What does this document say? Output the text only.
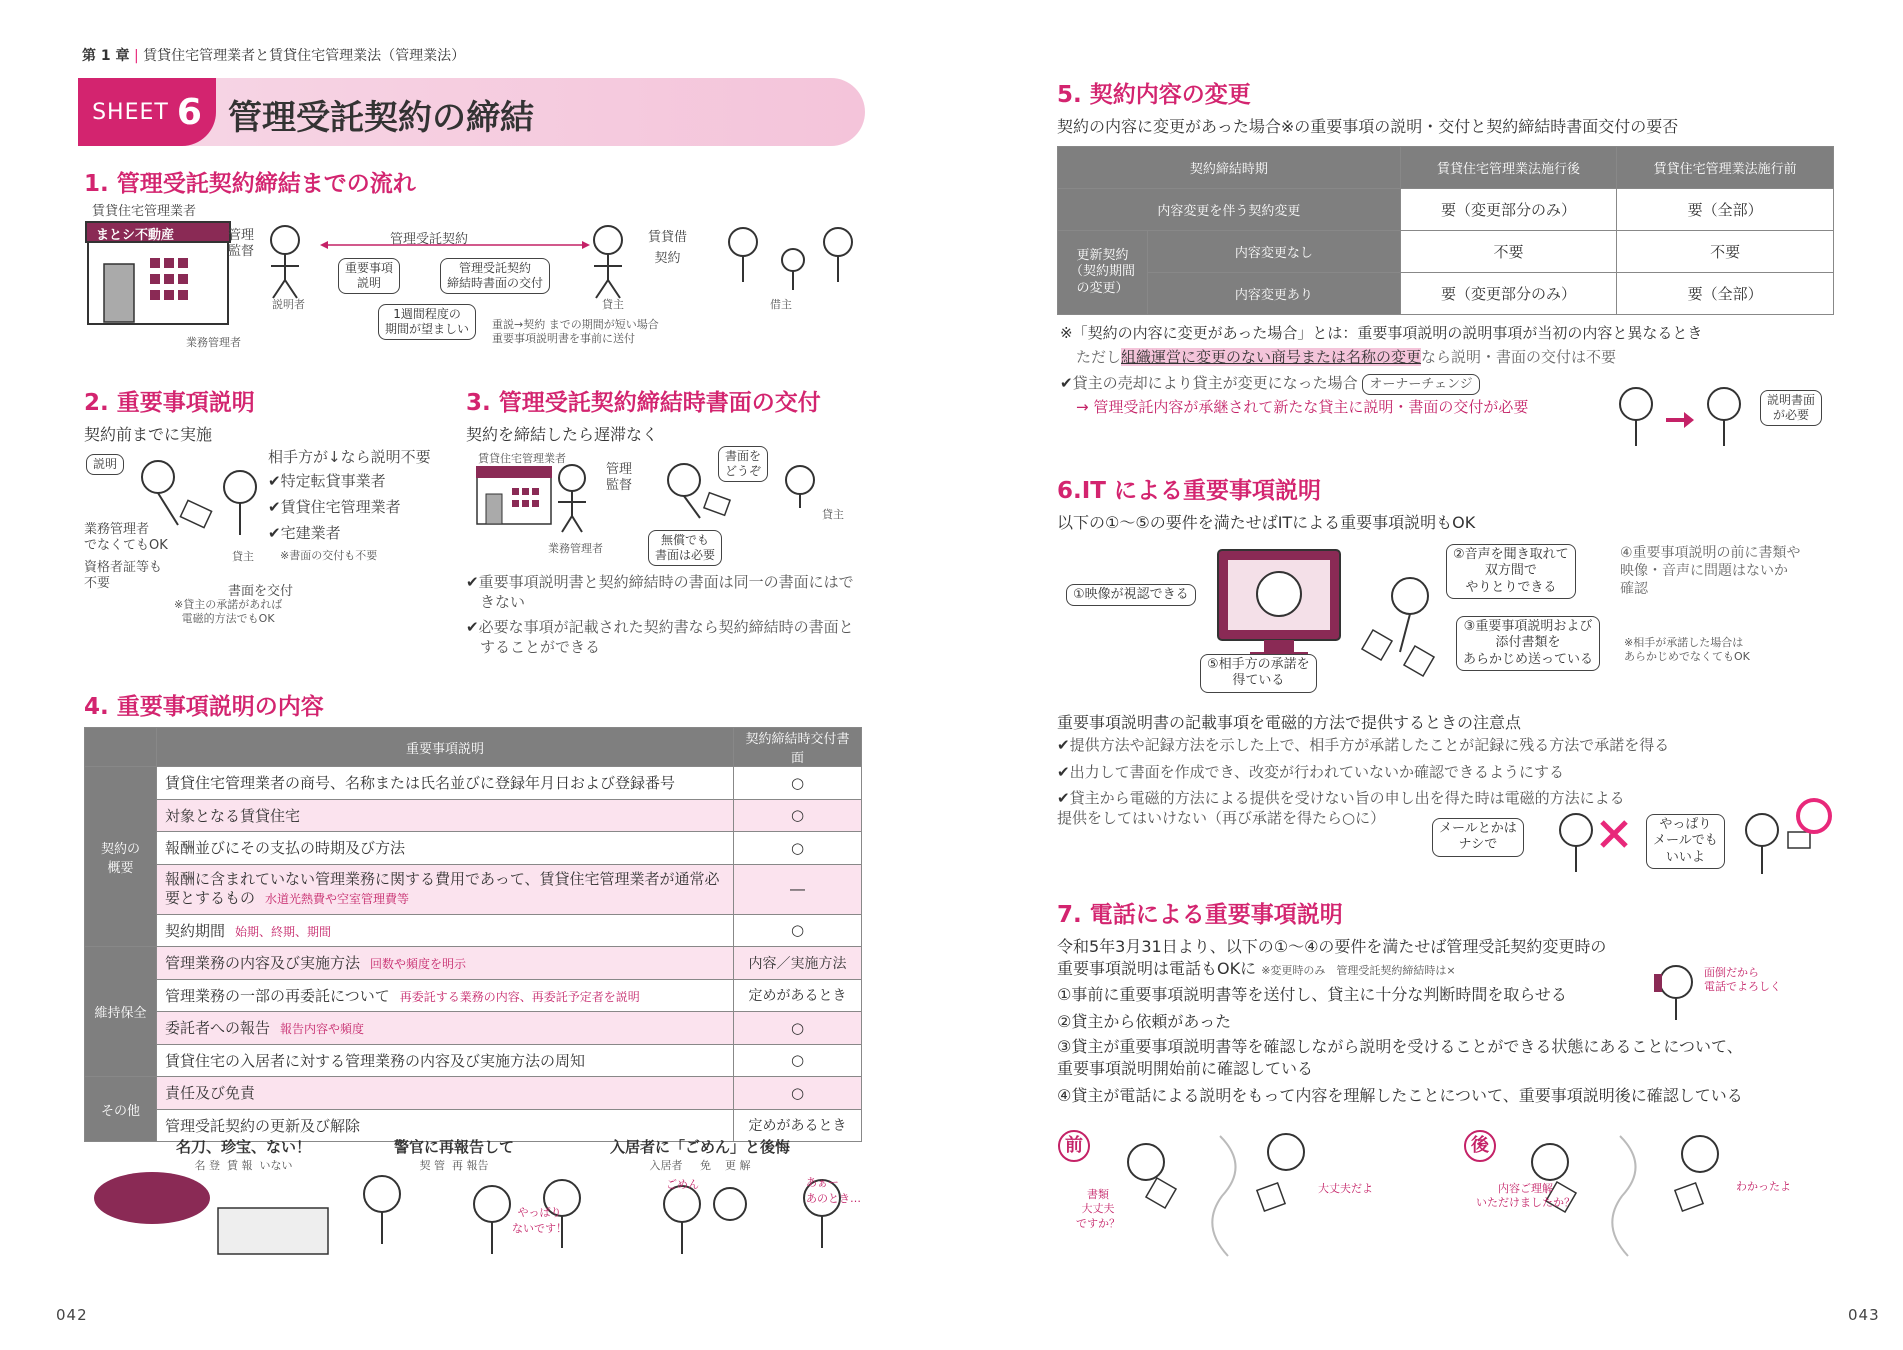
第 1 章 | 賃貸住宅管理業者と賃貸住宅管理業法（管理業法）
SHEET 6 管理受託契約の締結
1. 管理受託契約締結までの流れ
賃貸住宅管理業者
まとシ不動産
業務管理者
管理
監督
説明者
管理受託契約
重要事項
説明
管理受託契約
締結時書面の交付
1週間程度の
期間が望ましい	重説→契約 までの期間が短い場合
重要事項説明書を事前に送付
貸主
賃貸借
契約
借主
2. 重要事項説明
契約前までに実施
説明	相手方が↓なら説明不要
✔特定転貸事業者
✔賃貸住宅管理業者
✔宅建業者
※書面の交付も不要
業務管理者
でなくてもOK
資格者証等も
不要
貸主
書面を交付
※貸主の承諾があれば
電磁的方法でもOK
3. 管理受託契約締結時書面の交付
契約を締結したら遅滞なく
賃貸住宅管理業者
管理
監督
業務管理者
書面を
どうぞ
貸主
無償でも
書面は必要
✔重要事項説明書と契約締結時の書面は同一の書面にはできない
✔必要な事項が記載された契約書なら契約締結時の書面とすることができる
4. 重要事項説明の内容
	重要事項説明	契約締結時交付書面
契約の
概要	賃貸住宅管理業者の商号、名称または氏名並びに登録年月日および登録番号	○
	対象となる賃貸住宅	○
	報酬並びにその支払の時期及び方法	○
	報酬に含まれていない管理業務に関する費用であって、賃貸住宅管理業者が通常必要とするもの 水道光熱費や空室管理費等	―
	契約期間 始期、終期、期間	○
維持保全	管理業務の内容及び実施方法 回数や頻度を明示	内容／実施方法
	管理業務の一部の再委託について 再委託する業務の内容、再委託予定者を説明	定めがあるとき
	委託者への報告 報告内容や頻度	○
	賃貸住宅の入居者に対する管理業務の内容及び実施方法の周知	○
その他	責任及び免責	○
	管理受託契約の更新及び解除	定めがあるとき
名刀、珍宝、ない！
名 登  賃 報  いない
警官に再報告して
契 管  再 報告
入居者に「ごめん」と後悔
入居者     免    更 解
やっぱり
ないです！
ごめん	あぁー
あのとき…
042
5. 契約内容の変更
契約の内容に変更があった場合※の重要事項の説明・交付と契約締結時書面交付の要否
契約締結時期		賃貸住宅管理業法施行後	賃貸住宅管理業法施行前
内容変更を伴う契約変更		要（変更部分のみ）	要（全部）
更新契約
（契約期間
の変更）	内容変更なし	不要	不要
	内容変更あり	要（変更部分のみ）	要（全部）
※「契約の内容に変更があった場合」とは：重要事項説明の説明事項が当初の内容と異なるとき
ただし組織運営に変更のない商号または名称の変更なら説明・書面の交付は不要
✔貸主の売却により貸主が変更になった場合 オーナーチェンジ
→ 管理受託内容が承継されて新たな貸主に説明・書面の交付が必要	説明書面
が必要
6.IT による重要事項説明
以下の①〜⑤の要件を満たせばITによる重要事項説明もOK
①映像が視認できる
②音声を聞き取れて
双方間で
やりとりできる
③重要事項説明および
添付書類を
あらかじめ送っている
④重要事項説明の前に書類や
映像・音声に問題はないか
確認
⑤相手方の承諾を
得ている
※相手が承諾した場合は
あらかじめでなくてもOK
重要事項説明書の記載事項を電磁的方法で提供するときの注意点
✔提供方法や記録方法を示した上で、相手方が承諾したことが記録に残る方法で承諾を得る
✔出力して書面を作成でき、改変が行われていないか確認できるようにする
✔貸主から電磁的方法による提供を受けない旨の申し出を得た時は電磁的方法による
提供をしてはいけない（再び承諾を得たら○に）
メールとかは
ナシで
やっぱり
メールでも
いいよ
7. 電話による重要事項説明
令和5年3月31日より、以下の①〜④の要件を満たせば管理受託契約変更時の
重要事項説明は電話もOKに ※変更時のみ　管理受託契約締結時は×
①事前に重要事項説明書等を送付し、貸主に十分な判断時間を取らせる
②貸主から依頼があった
③貸主が重要事項説明書等を確認しながら説明を受けることができる状態にあることについて、
重要事項説明開始前に確認している
④貸主が電話による説明をもって内容を理解したことについて、重要事項説明後に確認している
面倒だから
電話でよろしく
前	後
書類
大丈夫
ですか？
大丈夫だよ	内容ご理解
いただけましたか？
わかったよ
043
